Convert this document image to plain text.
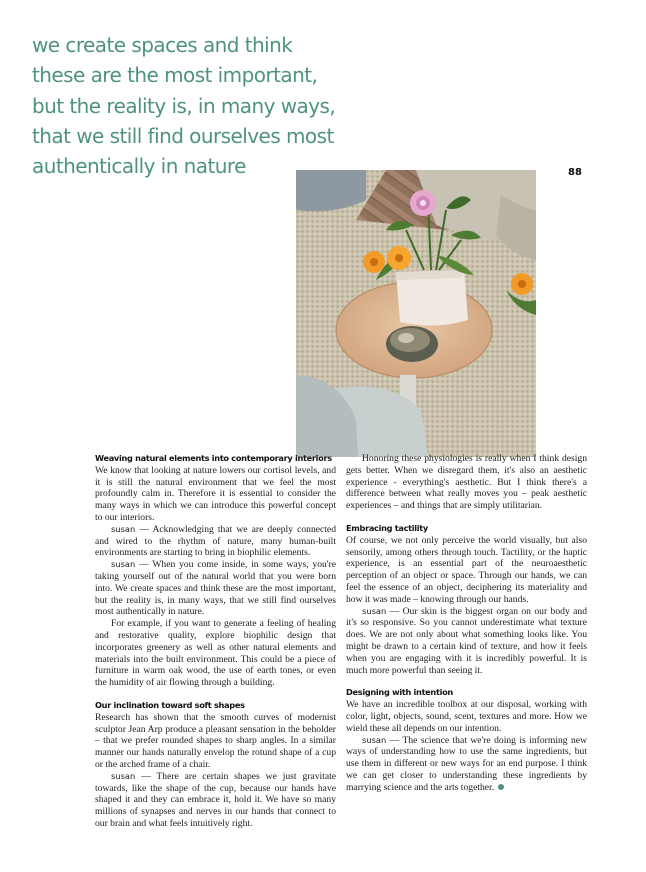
we create spaces and think
these are the most important,
but the reality is, in many ways,
that we still find ourselves most
authentically in nature	88
Weaving natural elements into contemporary interiors

We know that looking at nature lowers our cortisol levels, and it is still the natural environment that we feel the most profoundly calm in. Therefore it is essential to consider the many ways in which we can introduce this powerful concept to our interiors.

susan — Acknowledging that we are deeply connected and wired to the rhythm of nature, many human-built environments are starting to bring in biophilic elements.

susan — When you come inside, in some ways, you're taking yourself out of the natural world that you were born into. We create spaces and think these are the most important, but the reality is, in many ways, that we still find ourselves most authentically in nature.

For example, if you want to generate a feeling of healing and restorative quality, explore biophilic design that incorporates greenery as well as other natural elements and materials into the built environment. This could be a piece of furniture in warm oak wood, the use of earth tones, or even the humidity of air flowing through a building.

Our inclination toward soft shapes

Research has shown that the smooth curves of modernist sculptor Jean Arp produce a pleasant sensation in the beholder – that we prefer rounded shapes to sharp angles. In a similar manner our hands naturally envelop the rotund shape of a cup or the arched frame of a chair.

susan — There are certain shapes we just gravitate towards, like the shape of the cup, because our hands have shaped it and they can embrace it, hold it. We have so many millions of synapses and nerves in our hands that connect to our brain and what feels intuitively right.

Honoring these physiologies is really when I think design gets better. When we disregard them, it's also an aesthetic experience - everything's aesthetic. But I think there's a difference between what really moves you – peak aesthetic experiences – and things that are simply utilitarian.

Embracing tactility

Of course, we not only perceive the world visually, but also sensorily, among others through touch. Tactility, or the haptic experience, is an essential part of the neuroaesthetic perception of an object or space. Through our hands, we can feel the essence of an object, deciphering its materiality and how it was made – knowing through our hands.

susan — Our skin is the biggest organ on our body and it's so responsive. So you cannot underestimate what texture does. We are not only about what something looks like. You might be drawn to a certain kind of texture, and how it feels when you are engaging with it is incredibly powerful. It is much more powerful than seeing it.

Designing with intention

We have an incredible toolbox at our disposal, working with color, light, objects, sound, scent, textures and more. How we wield these all depends on our intention.

susan — The science that we're doing is informing new ways of understanding how to use the same ingredients, but use them in different or new ways for an end purpose. I think we can get closer to understanding these ingredients by marrying science and the arts together.
